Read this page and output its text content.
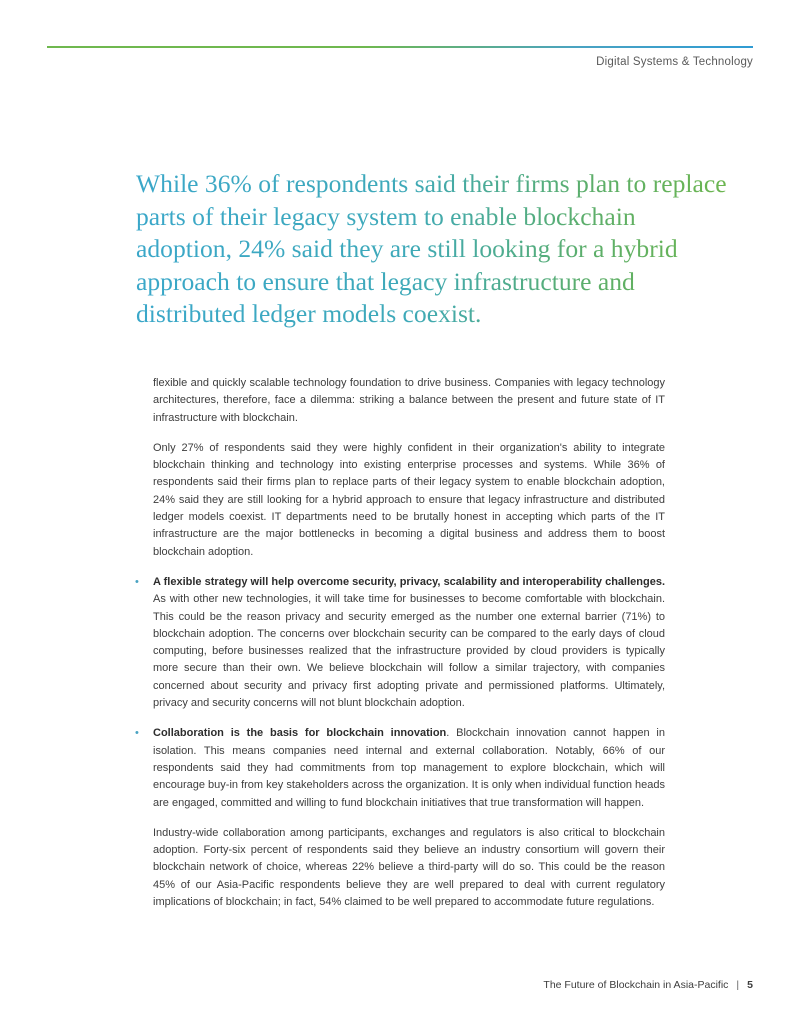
Digital Systems & Technology
While 36% of respondents said their firms plan to replace parts of their legacy system to enable blockchain adoption, 24% said they are still looking for a hybrid approach to ensure that legacy infrastructure and distributed ledger models coexist.

flexible and quickly scalable technology foundation to drive business. Companies with legacy technology architectures, therefore, face a dilemma: striking a balance between the present and future state of IT infrastructure with blockchain.

Only 27% of respondents said they were highly confident in their organization's ability to integrate blockchain thinking and technology into existing enterprise processes and systems. While 36% of respondents said their firms plan to replace parts of their legacy system to enable blockchain adoption, 24% said they are still looking for a hybrid approach to ensure that legacy infrastructure and distributed ledger models coexist. IT departments need to be brutally honest in accepting which parts of the IT infrastructure are the major bottlenecks in becoming a digital business and address them to boost blockchain adoption.

• A flexible strategy will help overcome security, privacy, scalability and interoperability challenges. As with other new technologies, it will take time for businesses to become comfortable with blockchain. This could be the reason privacy and security emerged as the number one external barrier (71%) to blockchain adoption. The concerns over blockchain security can be compared to the early days of cloud computing, before businesses realized that the infrastructure provided by cloud providers is typically more secure than their own. We believe blockchain will follow a similar trajectory, with companies concerned about security and privacy first adopting private and permissioned platforms. Ultimately, privacy and security concerns will not blunt blockchain adoption.
• Collaboration is the basis for blockchain innovation. Blockchain innovation cannot happen in isolation. This means companies need internal and external collaboration. Notably, 66% of our respondents said they had commitments from top management to explore blockchain, which will encourage buy-in from key stakeholders across the organization. It is only when individual function heads are engaged, committed and willing to fund blockchain initiatives that true transformation will happen.

Industry-wide collaboration among participants, exchanges and regulators is also critical to blockchain adoption. Forty-six percent of respondents said they believe an industry consortium will govern their blockchain network of choice, whereas 22% believe a third-party will do so. This could be the reason 45% of our Asia-Pacific respondents believe they are well prepared to deal with current regulatory implications of blockchain; in fact, 54% claimed to be well prepared to accommodate future regulations.

The Future of Blockchain in Asia-Pacific | 5
